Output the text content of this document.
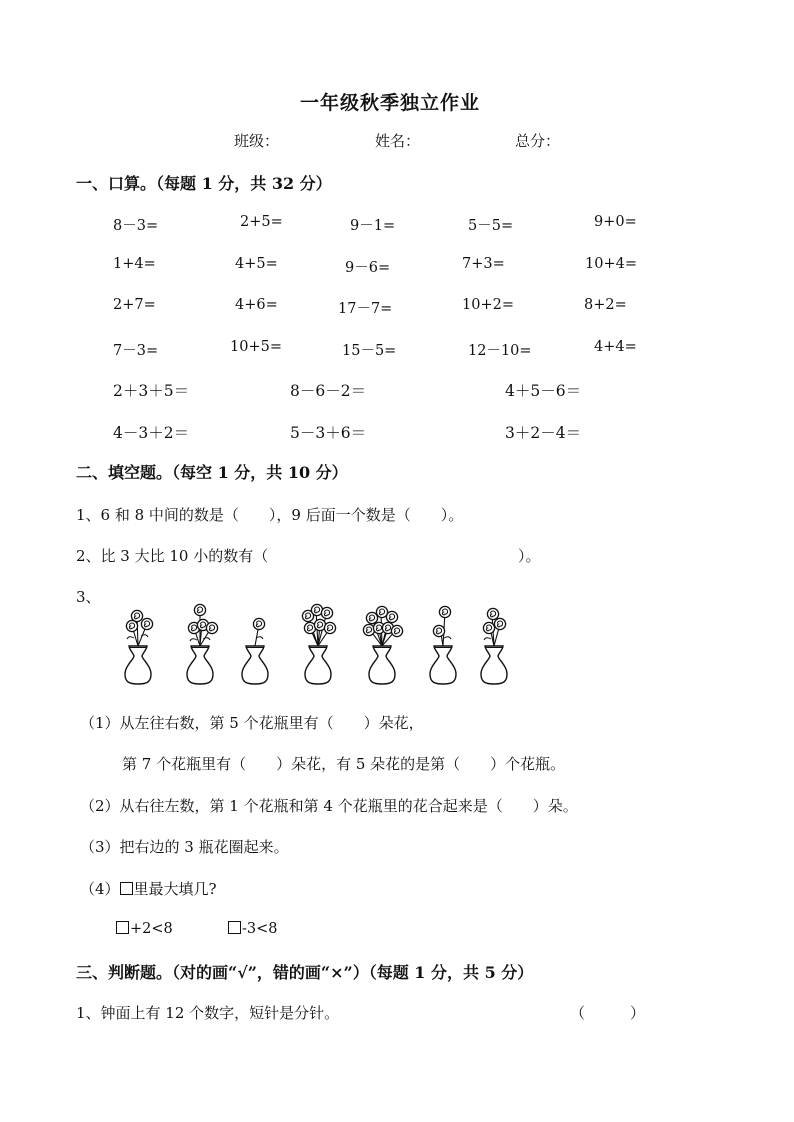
一年级秋季独立作业
班级：	姓名：	总分：
一、口算。（每题 1 分，共 32 分）
8－3=	2+5=	9－1=	5－5=	9+0=
1+4=	4+5=	9－6=	7+3=	10+4=
2+7=	4+6=	17－7=	10+2=	8+2=
7－3=	10+5=	15－5=	12－10=	4+4=
2＋3＋5＝	8－6－2＝	4＋5－6＝
4－3＋2＝	5－3＋6＝	3＋2－4＝
二、填空题。（每空 1 分，共 10 分）
1、6 和 8 中间的数是（　　），9 后面一个数是（　　）。
2、比 3 大比 10 小的数有（	）。
3、
（1）从左往右数，第 5 个花瓶里有（　　）朵花，
第 7 个花瓶里有（　　）朵花，有 5 朵花的是第（　　）个花瓶。
（2）从右往左数，第 1 个花瓶和第 4 个花瓶里的花合起来是（　　）朵。
（3）把右边的 3 瓶花圈起来。
（4） 里最大填几?
+2<8	-3<8
三、判断题。（对的画“√”，错的画“×”）（每题 1 分，共 5 分）
1、钟面上有 12 个数字，短针是分针。	（　　　）
